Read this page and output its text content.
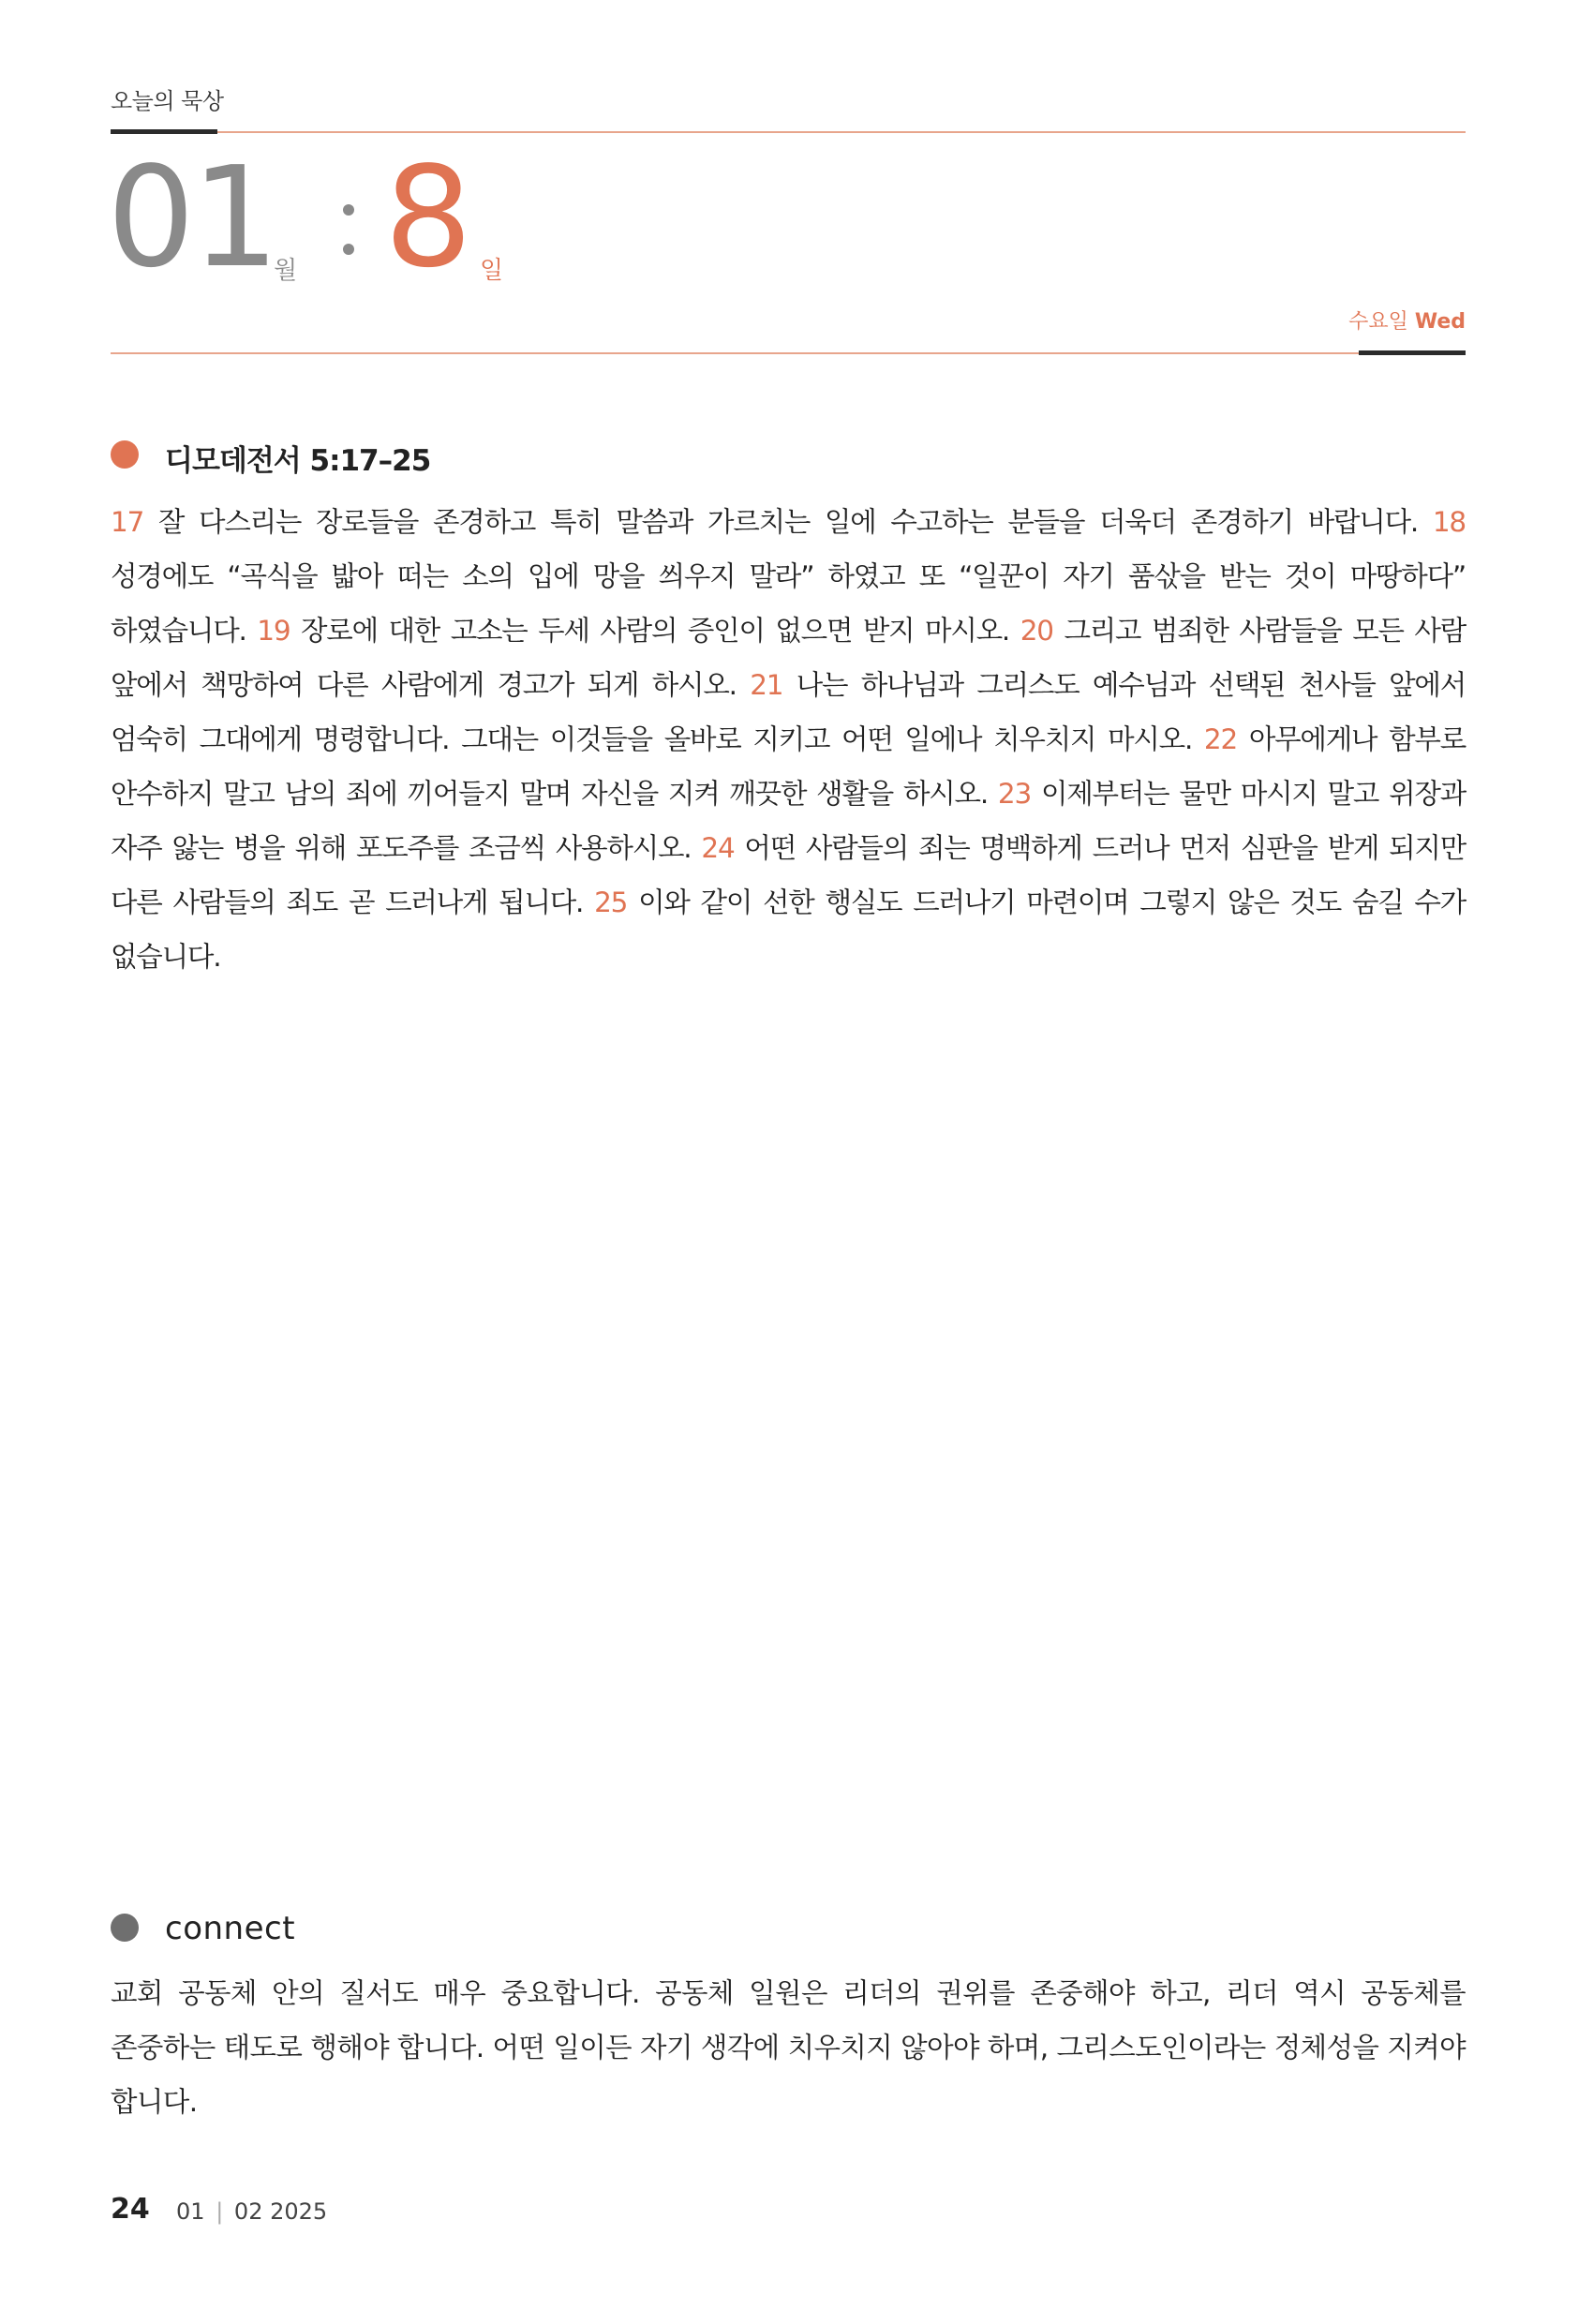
오늘의 묵상
01
월 8 일
수요일 Wed
디모데전서 5:17–25
17 잘 다스리는 장로들을 존경하고 특히 말씀과 가르치는 일에 수고하는 분들을 더욱더 존경하기 바랍니다. 18 성경에도 “곡식을 밟아 떠는 소의 입에 망을 씌우지 말라” 하였고 또 “일꾼이 자기 품삯을 받는 것이 마땅하다” 하였습니다. 19 장로에 대한 고소는 두세 사람의 증인이 없으면 받지 마시오. 20 그리고 범죄한 사람들을 모든 사람 앞에서 책망하여 다른 사람에게 경고가 되게 하시오. 21 나는 하나님과 그리스도 예수님과 선택된 천사들 앞에서 엄숙히 그대에게 명령합니다. 그대는 이것들을 올바로 지키고 어떤 일에나 치우치지 마시오. 22 아무에게나 함부로 안수하지 말고 남의 죄에 끼어들지 말며 자신을 지켜 깨끗한 생활을 하시오. 23 이제부터는 물만 마시지 말고 위장과 자주 앓는 병을 위해 포도주를 조금씩 사용하시오. 24 어떤 사람들의 죄는 명백하게 드러나 먼저 심판을 받게 되지만 다른 사람들의 죄도 곧 드러나게 됩니다. 25 이와 같이 선한 행실도 드러나기 마련이며 그렇지 않은 것도 숨길 수가 없습니다.
connect
교회 공동체 안의 질서도 매우 중요합니다. 공동체 일원은 리더의 권위를 존중해야 하고, 리더 역시 공동체를 존중하는 태도로 행해야 합니다. 어떤 일이든 자기 생각에 치우치지 않아야 하며, 그리스도인이라는 정체성을 지켜야 합니다.
24 01 | 02 2025
